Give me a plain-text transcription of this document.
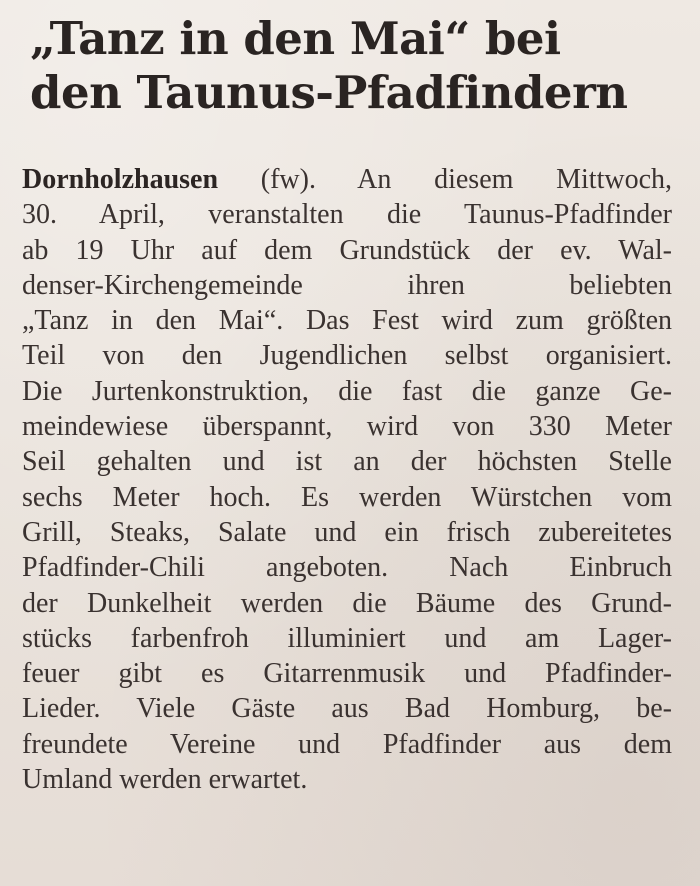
„Tanz in den Mai“ bei
den Taunus-Pfadfindern
Dornholzhausen (fw). An diesem Mittwoch,
30. April, veranstalten die Taunus-Pfadfinder
ab 19 Uhr auf dem Grundstück der ev. Wal-
denser-Kirchengemeinde ihren beliebten
„Tanz in den Mai“. Das Fest wird zum größten
Teil von den Jugendlichen selbst organisiert.
Die Jurtenkonstruktion, die fast die ganze Ge-
meindewiese überspannt, wird von 330 Meter
Seil gehalten und ist an der höchsten Stelle
sechs Meter hoch. Es werden Würstchen vom
Grill, Steaks, Salate und ein frisch zubereitetes
Pfadfinder-Chili angeboten. Nach Einbruch
der Dunkelheit werden die Bäume des Grund-
stücks farbenfroh illuminiert und am Lager-
feuer gibt es Gitarrenmusik und Pfadfinder-
Lieder. Viele Gäste aus Bad Homburg, be-
freundete Vereine und Pfadfinder aus dem
Umland werden erwartet.
